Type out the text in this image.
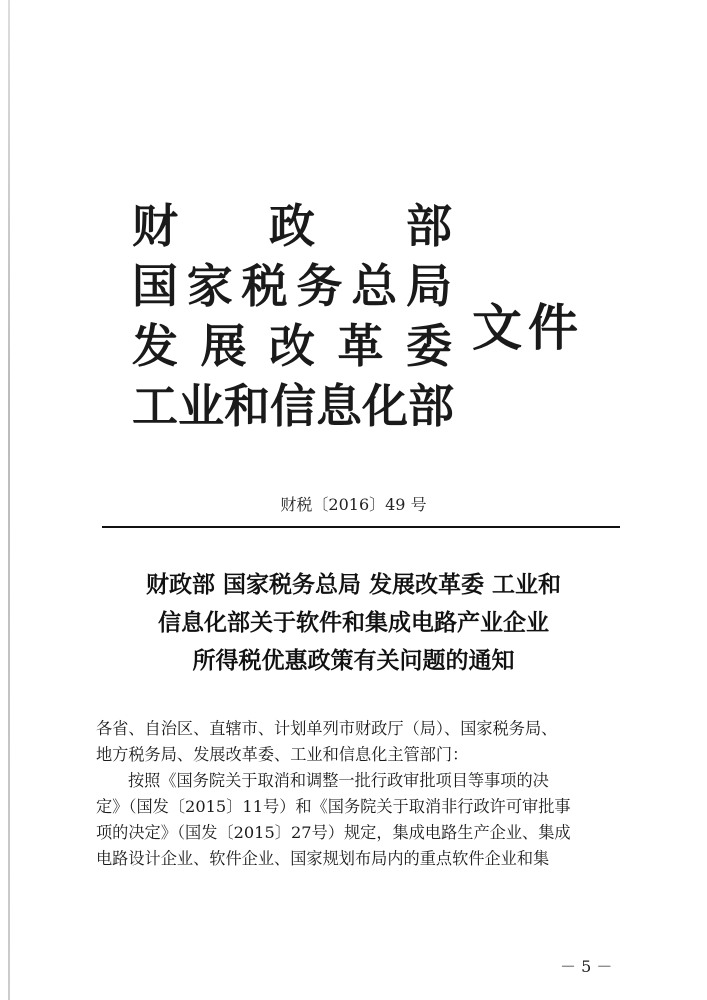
财 政 部
国家税务总局
发 展 改 革 委
工业和信息化部
文件
财税〔2016〕49 号
财政部 国家税务总局 发展改革委 工业和
信息化部关于软件和集成电路产业企业
所得税优惠政策有关问题的通知

各省、自治区、直辖市、计划单列市财政厅（局）、国家税务局、

地方税务局、发展改革委、工业和信息化主管部门：

按照《国务院关于取消和调整一批行政审批项目等事项的决

定》（国发〔2015〕11号）和《国务院关于取消非行政许可审批事

项的决定》（国发〔2015〕27号）规定，集成电路生产企业、集成

电路设计企业、软件企业、国家规划布局内的重点软件企业和集

－ 5 －
